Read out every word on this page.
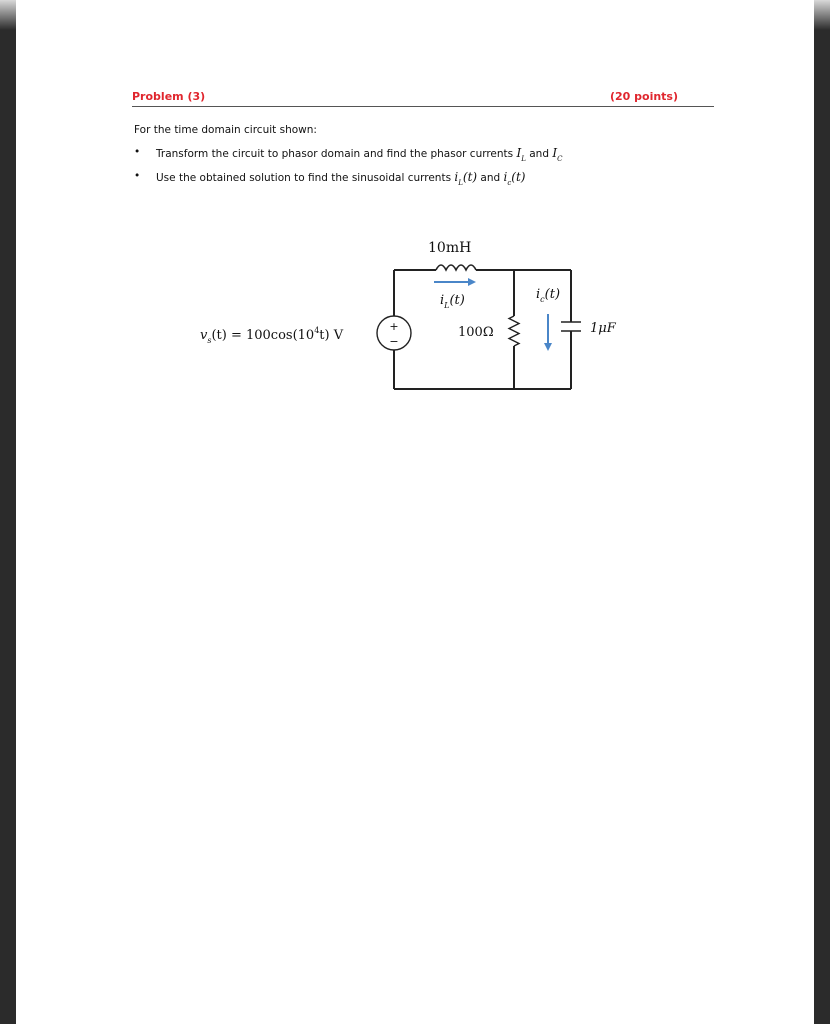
Problem (3)	(20 points)
For the time domain circuit shown:
• Transform the circuit to phasor domain and find the phasor currents $I_L$ and $I_C$
• Use the obtained solution to find the sinusoidal currents $i_L(t)$ and $i_c(t)$
+
−
10mH
$i_L(t)$
100Ω
$i_c(t)$
1μF
$v_s(t) = 100\cos(10^4t)$ V
